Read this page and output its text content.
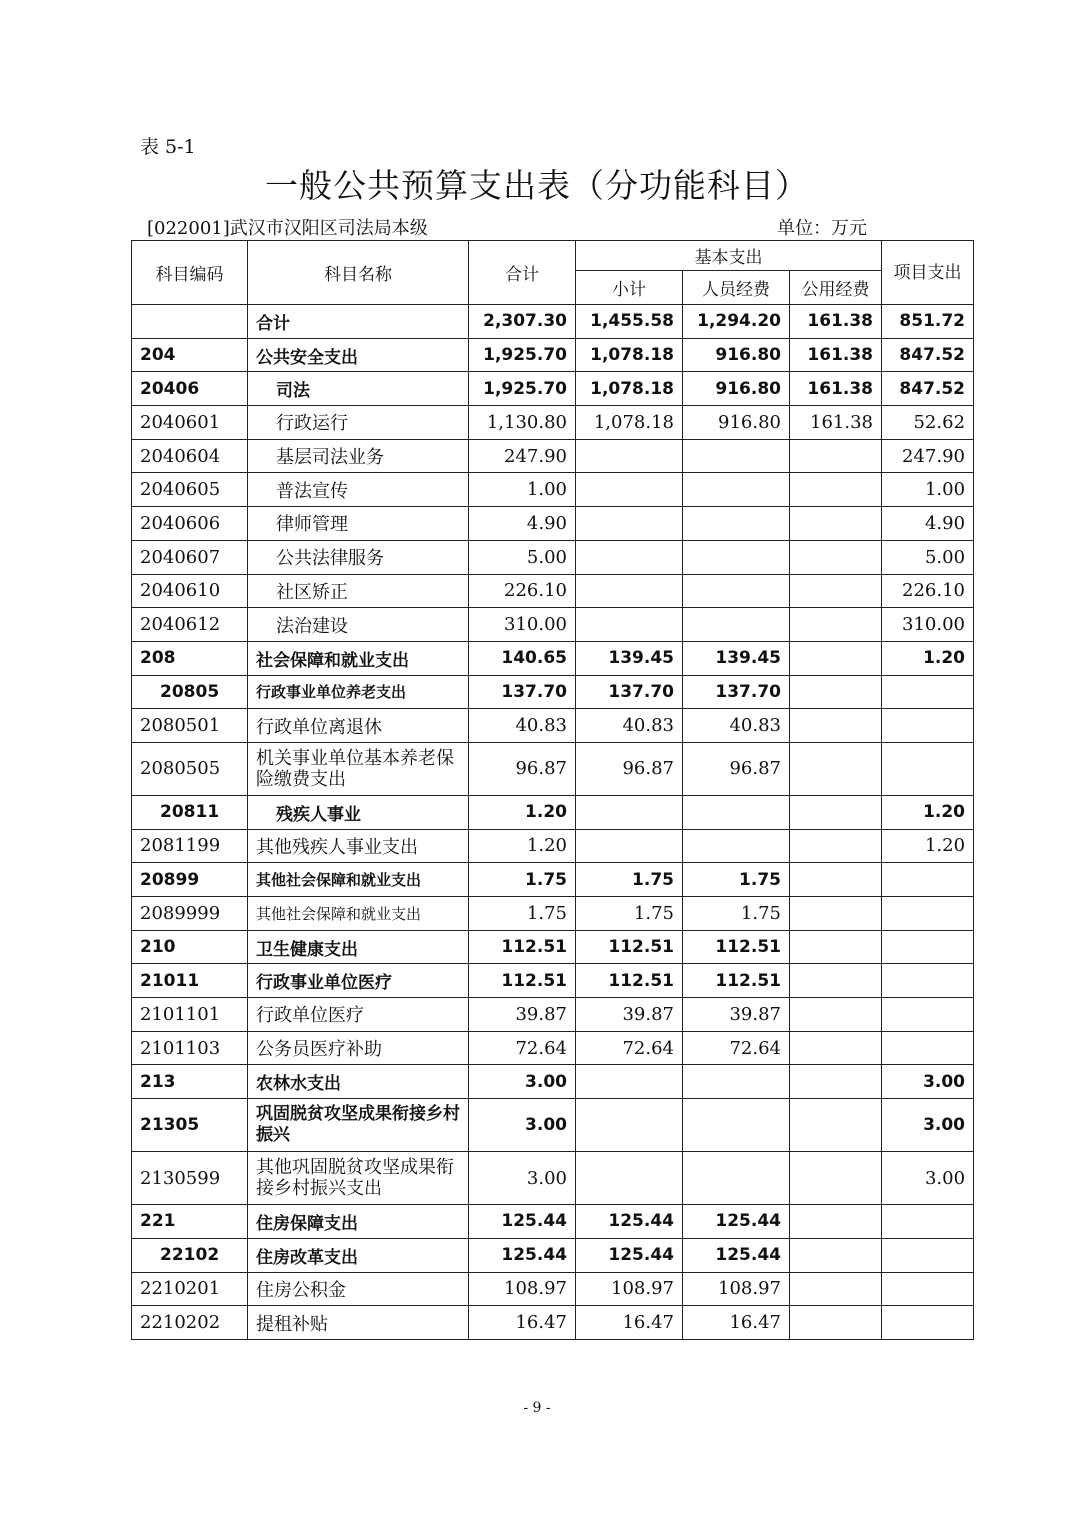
表 5-1
一般公共预算支出表（分功能科目）
[022001]武汉市汉阳区司法局本级	单位：万元
科目编码	科目名称	合计	基本支出			项目支出
			小计	人员经费	公用经费	
	合计	2,307.30	1,455.58	1,294.20	161.38	851.72
204	公共安全支出	1,925.70	1,078.18	916.80	161.38	847.52
20406	司法	1,925.70	1,078.18	916.80	161.38	847.52
2040601	行政运行	1,130.80	1,078.18	916.80	161.38	52.62
2040604	基层司法业务	247.90				247.90
2040605	普法宣传	1.00				1.00
2040606	律师管理	4.90				4.90
2040607	公共法律服务	5.00				5.00
2040610	社区矫正	226.10				226.10
2040612	法治建设	310.00				310.00
208	社会保障和就业支出	140.65	139.45	139.45		1.20
20805	行政事业单位养老支出	137.70	137.70	137.70		
2080501	行政单位离退休	40.83	40.83	40.83		
2080505	机关事业单位基本养老保险缴费支出	96.87	96.87	96.87		
20811	残疾人事业	1.20				1.20
2081199	其他残疾人事业支出	1.20				1.20
20899	其他社会保障和就业支出	1.75	1.75	1.75		
2089999	其他社会保障和就业支出	1.75	1.75	1.75		
210	卫生健康支出	112.51	112.51	112.51		
21011	行政事业单位医疗	112.51	112.51	112.51		
2101101	行政单位医疗	39.87	39.87	39.87		
2101103	公务员医疗补助	72.64	72.64	72.64		
213	农林水支出	3.00				3.00
21305	巩固脱贫攻坚成果衔接乡村振兴	3.00				3.00
2130599	其他巩固脱贫攻坚成果衔接乡村振兴支出	3.00				3.00
221	住房保障支出	125.44	125.44	125.44		
22102	住房改革支出	125.44	125.44	125.44		
2210201	住房公积金	108.97	108.97	108.97		
2210202	提租补贴	16.47	16.47	16.47		
- 9 -
